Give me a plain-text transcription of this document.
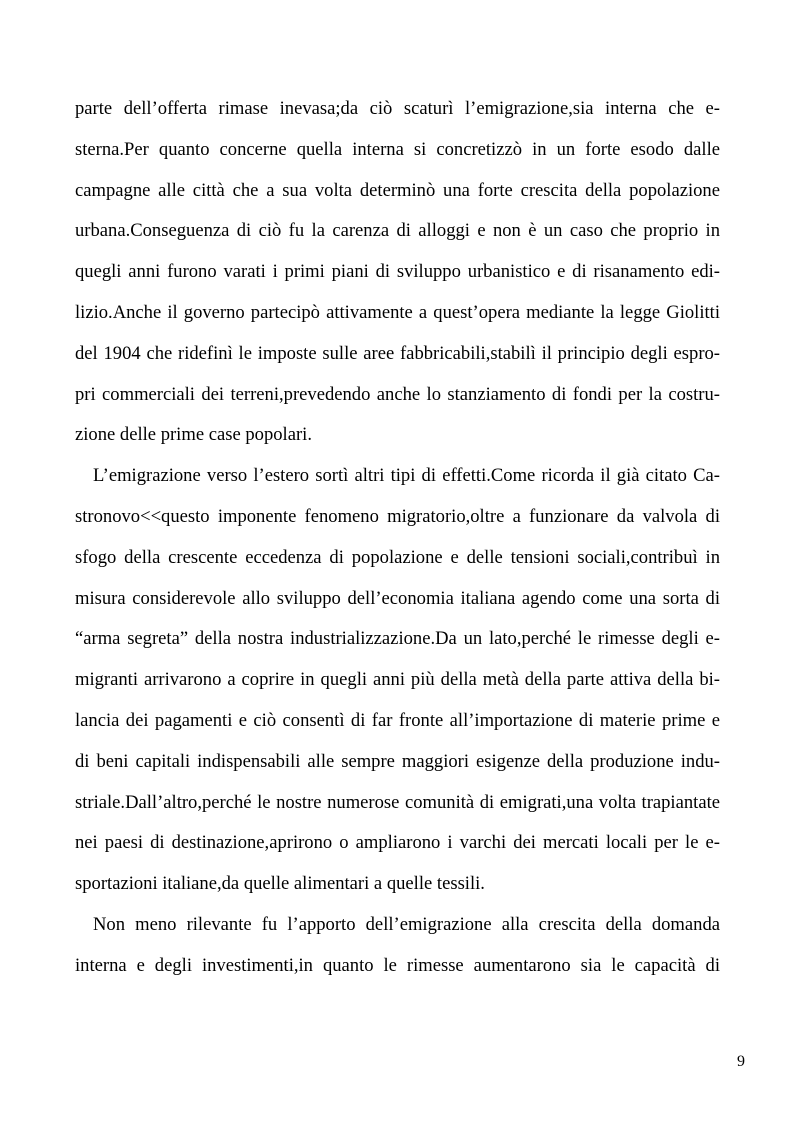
parte dell’offerta rimase inevasa;da ciò scaturì l’emigrazione,sia interna che e-
sterna.Per quanto concerne quella interna si concretizzò in un forte esodo dalle
campagne alle città che a sua volta determinò una forte crescita della popolazione
urbana.Conseguenza di ciò fu la carenza di alloggi e non è un caso che proprio in
quegli anni furono varati i primi piani di sviluppo urbanistico e di risanamento edi-
lizio.Anche il governo partecipò attivamente a quest’opera mediante la legge Giolitti
del 1904 che ridefinì le imposte sulle aree fabbricabili,stabilì il principio degli espro-
pri commerciali dei terreni,prevedendo anche lo stanziamento di fondi per la costru-
zione delle prime case popolari.
L’emigrazione verso l’estero sortì altri tipi di effetti.Come ricorda il già citato Ca-
stronovo<<questo imponente fenomeno migratorio,oltre a funzionare da valvola di
sfogo della crescente eccedenza di popolazione e delle tensioni sociali,contribuì in
misura considerevole allo sviluppo dell’economia italiana agendo come una sorta di
“arma segreta” della nostra industrializzazione.Da un lato,perché le rimesse degli e-
migranti arrivarono a coprire in quegli anni più della metà della parte attiva della bi-
lancia dei pagamenti e ciò consentì di far fronte all’importazione di materie prime e
di beni capitali indispensabili alle sempre maggiori esigenze della produzione indu-
striale.Dall’altro,perché le nostre numerose comunità di emigrati,una volta trapiantate
nei paesi di destinazione,aprirono o ampliarono i varchi dei mercati locali per le e-
sportazioni italiane,da quelle alimentari a quelle tessili.
Non meno rilevante fu l’apporto dell’emigrazione alla crescita della domanda
interna e degli investimenti,in quanto le rimesse aumentarono sia le capacità di
9
